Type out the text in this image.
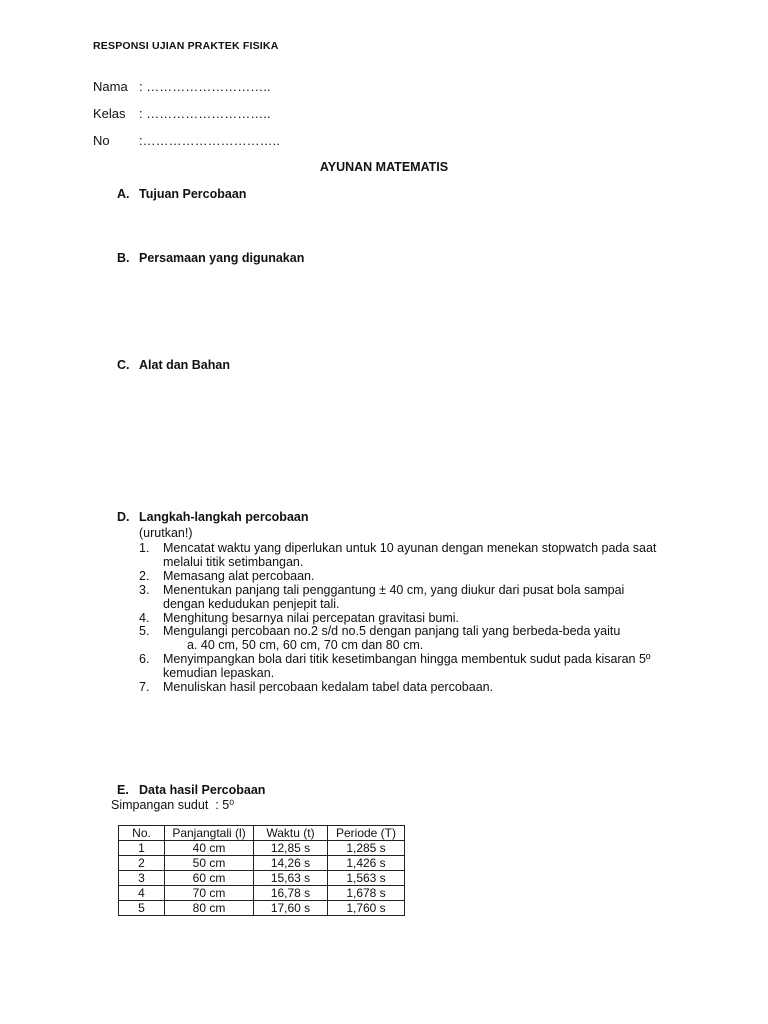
RESPONSI UJIAN PRAKTEK FISIKA
Nama : ………………………..
Kelas : ………………………..
No :…………………………..
AYUNAN MATEMATIS
A. Tujuan Percobaan
B. Persamaan yang digunakan
C. Alat dan Bahan
D. Langkah-langkah percobaan
(urutkan!)
1. Mencatat waktu yang diperlukan untuk 10 ayunan dengan menekan stopwatch pada saat melalui titik setimbangan.
2. Memasang alat percobaan.
3. Menentukan panjang tali penggantung ± 40 cm, yang diukur dari pusat bola sampai dengan kedudukan penjepit tali.
4. Menghitung besarnya nilai percepatan gravitasi bumi.
5. Mengulangi percobaan no.2 s/d no.5 dengan panjang tali yang berbeda-beda yaitu
a. 40 cm, 50 cm, 60 cm, 70 cm dan 80 cm.
6. Menyimpangkan bola dari titik kesetimbangan hingga membentuk sudut pada kisaran 5º kemudian lepaskan.
7. Menuliskan hasil percobaan kedalam tabel data percobaan.
E. Data hasil Percobaan
Simpangan sudut : 5⁰
No.	Panjangtali (l)	Waktu (t)	Periode (T)
1	40 cm	12,85 s	1,285 s
2	50 cm	14,26 s	1,426 s
3	60 cm	15,63 s	1,563 s
4	70 cm	16,78 s	1,678 s
5	80 cm	17,60 s	1,760 s
